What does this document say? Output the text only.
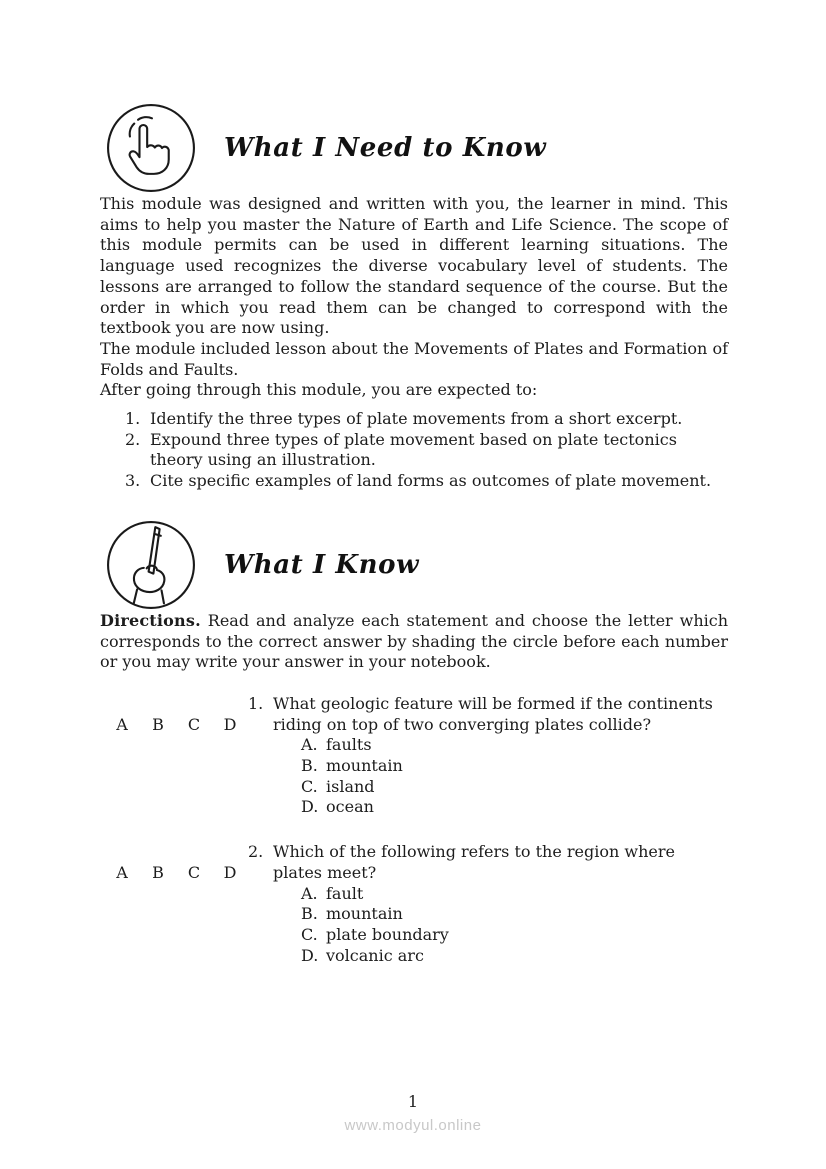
What I Need to Know

This module was designed and written with you, the learner in mind. This aims to help you master the Nature of Earth and Life Science. The scope of this module permits can be used in different learning situations. The language used recognizes the diverse vocabulary level of students. The lessons are arranged to follow the standard sequence of the course. But the order in which you read them can be changed to correspond with the textbook you are now using.

The module included lesson about the Movements of Plates and Formation of Folds and Faults.

After going through this module, you are expected to:

1. Identify the three types of plate movements from a short excerpt.
2. Expound three types of plate movement based on plate tectonics theory using an illustration.
3. Cite specific examples of land forms as outcomes of plate movement.
What I Know

Directions. Read and analyze each statement and choose the letter which corresponds to the correct answer by shading the circle before each number or you may write your answer in your notebook.

A B C D
1. What geologic feature will be formed if the continents riding on top of two converging plates collide?
A. faults
B. mountain
C. island
D. ocean
A B C D
2. Which of the following refers to the region where plates meet?
A. fault
B. mountain
C. plate boundary
D. volcanic arc
1
www.modyul.online
